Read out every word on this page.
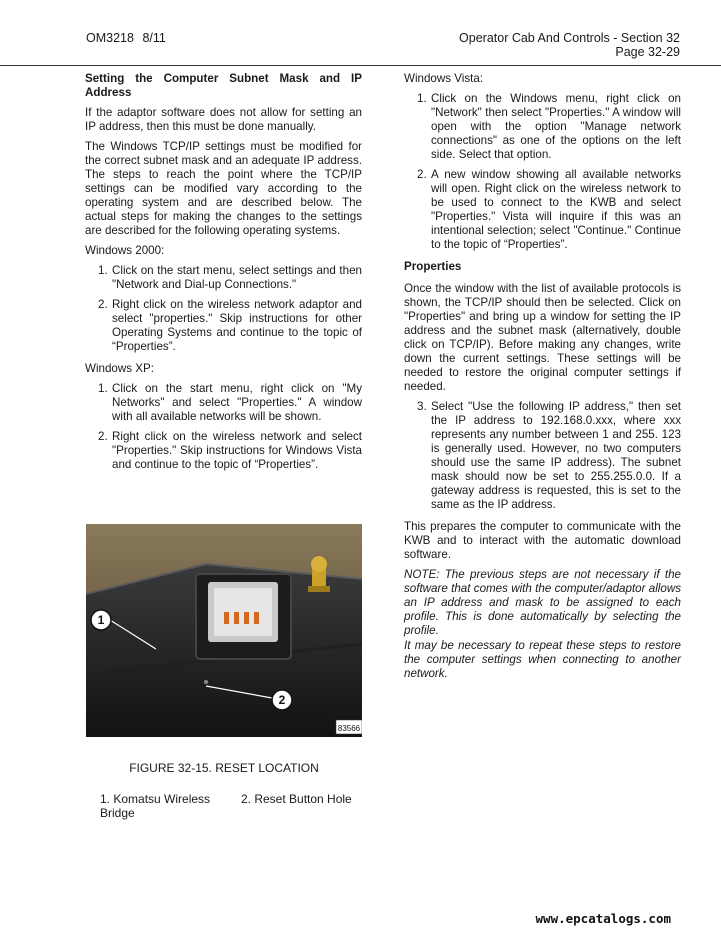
OM3218 8/11	Operator Cab And Controls - Section 32
Page 32-29
Setting the Computer Subnet Mask and IP Address

If the adaptor software does not allow for setting an IP address, then this must be done manually.

The Windows TCP/IP settings must be modified for the correct subnet mask and an adequate IP address. The steps to reach the point where the TCP/IP settings can be modified vary according to the operating system and are described below. The actual steps for making the changes to the settings are described for the following operating systems.

Windows 2000:

1. Click on the start menu, select settings and then "Network and Dial-up Connections."
2. Right click on the wireless network adaptor and select "properties." Skip instructions for other Operating Systems and continue to the topic of “Properties”.

Windows XP:

1. Click on the start menu, right click on "My Networks" and select "Properties." A window with all available networks will be shown.
2. Right click on the wireless network and select "Properties." Skip instructions for Windows Vista and continue to the topic of “Properties”.
83566
1
2
FIGURE 32-15. RESET LOCATION
1. Komatsu Wireless Bridge
2. Reset Button Hole

Windows Vista:

1. Click on the Windows menu, right click on "Network" then select "Properties." A window will open with the option "Manage network connections" as one of the options on the left side. Select that option.
2. A new window showing all available networks will open. Right click on the wireless network to be used to connect to the KWB and select "Properties." Vista will inquire if this was an intentional selection; select "Continue." Continue to the topic of “Properties”.
Properties

Once the window with the list of available protocols is shown, the TCP/IP should then be selected. Click on "Properties" and bring up a window for setting the IP address and the subnet mask (alternatively, double click on TCP/IP). Before making any changes, write down the current settings. These settings will be needed to restore the original computer settings if needed.

3. Select "Use the following IP address," then set the IP address to 192.168.0.xxx, where xxx represents any number between 1 and 255. 123 is generally used. However, no two computers should use the same IP address). The subnet mask should now be set to 255.255.0.0. If a gateway address is requested, this is set to the same as the IP address.

This prepares the computer to communicate with the KWB and to interact with the automatic download software.

NOTE: The previous steps are not necessary if the software that comes with the computer/adaptor allows an IP address and mask to be assigned to each profile. This is done automatically by selecting the profile.

It may be necessary to repeat these steps to restore the computer settings when connecting to another network.

www.epcatalogs.com
